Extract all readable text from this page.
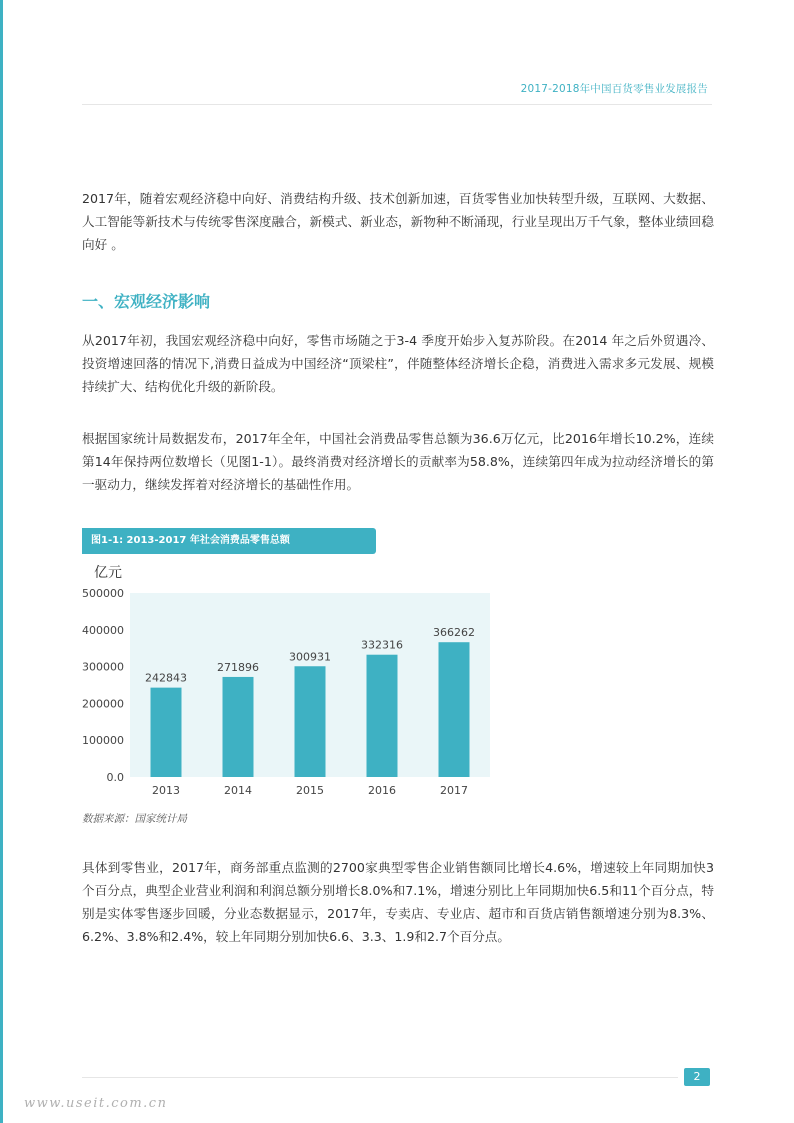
2017-2018年中国百货零售业发展报告

2017年，随着宏观经济稳中向好、消费结构升级、技术创新加速，百货零售业加快转型升级，互联网、大数据、人工智能等新技术与传统零售深度融合，新模式、新业态，新物种不断涌现，行业呈现出万千气象，整体业绩回稳向好 。

一、宏观经济影响

从2017年初，我国宏观经济稳中向好，零售市场随之于3-4 季度开始步入复苏阶段。在2014 年之后外贸遇冷、投资增速回落的情况下,消费日益成为中国经济“顶梁柱”，伴随整体经济增长企稳，消费进入需求多元发展、规模持续扩大、结构优化升级的新阶段。

根据国家统计局数据发布，2017年全年，中国社会消费品零售总额为36.6万亿元，比2016年增长10.2%，连续第14年保持两位数增长（见图1-1）。最终消费对经济增长的贡献率为58.8%，连续第四年成为拉动经济增长的第一驱动力，继续发挥着对经济增长的基础性作用。

图1-1: 2013-2017 年社会消费品零售总额
亿元
0.0
100000
200000
300000
400000
500000
242843
271896
300931
332316
366262
2013	2014	2015	2016	2017
数据来源：国家统计局

具体到零售业，2017年，商务部重点监测的2700家典型零售企业销售额同比增长4.6%，增速较上年同期加快3个百分点，典型企业营业利润和利润总额分别增长8.0%和7.1%，增速分别比上年同期加快6.5和11个百分点，特别是实体零售逐步回暖，分业态数据显示，2017年，专卖店、专业店、超市和百货店销售额增速分别为8.3%、6.2%、3.8%和2.4%，较上年同期分别加快6.6、3.3、1.9和2.7个百分点。

2
www.useit.com.cn
